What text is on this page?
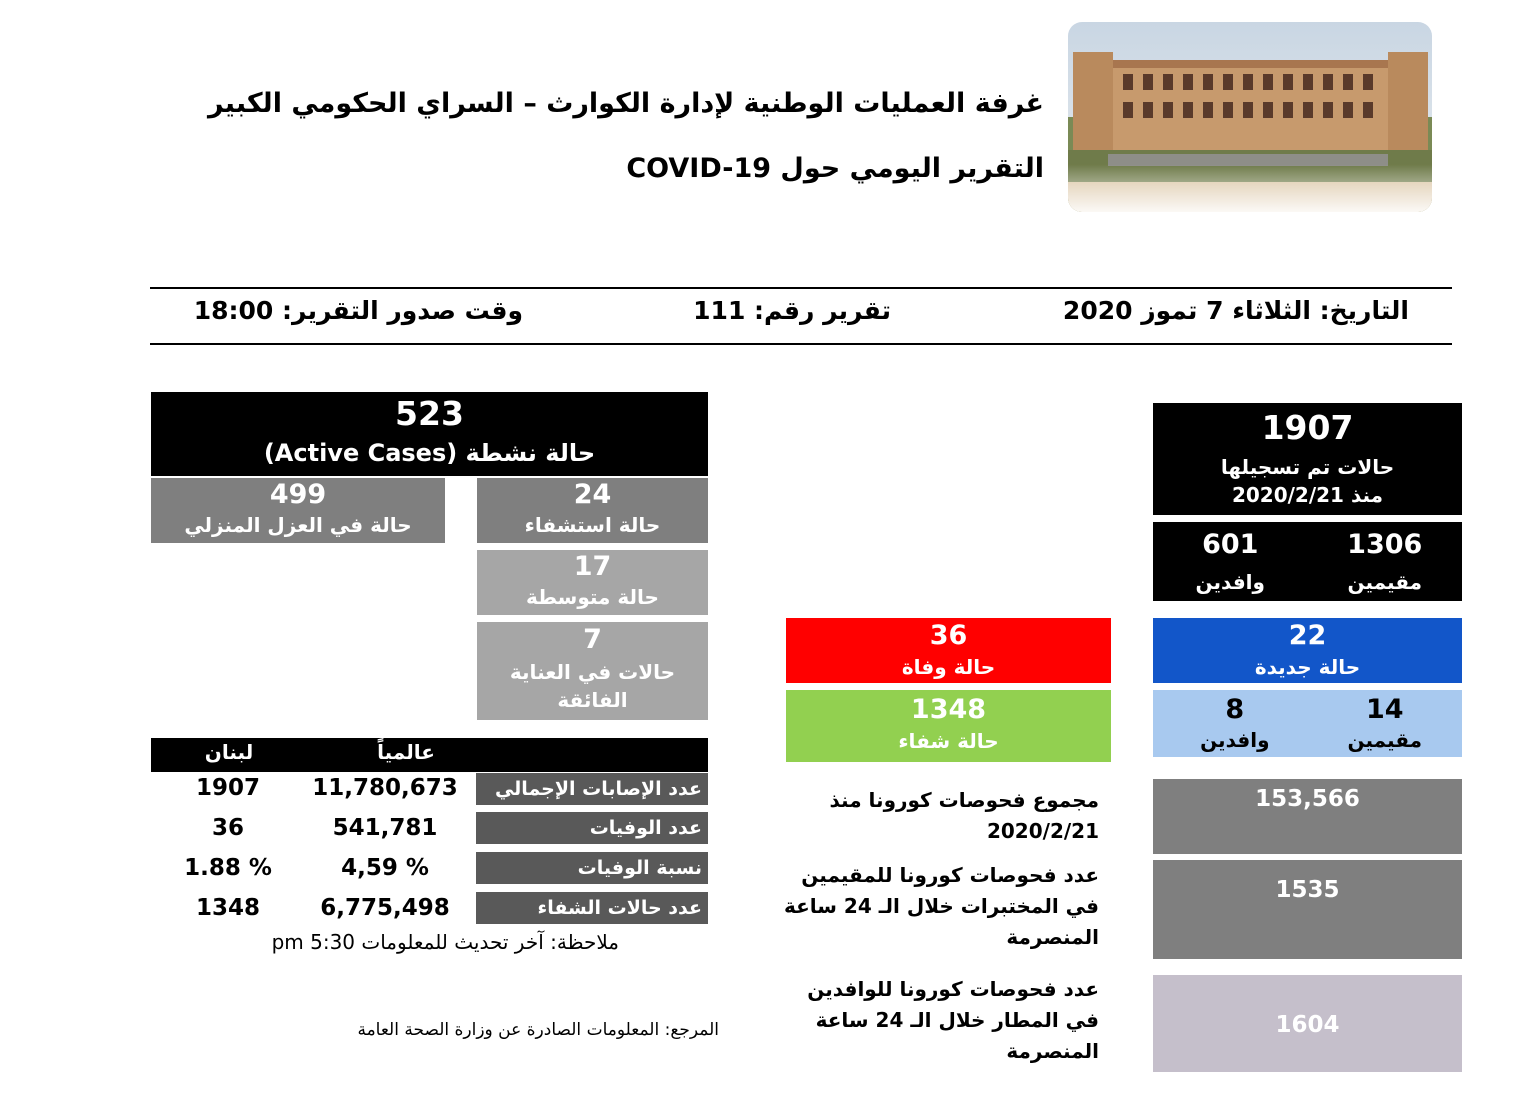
غرفة العمليات الوطنية لإدارة الكوارث – السراي الحكومي الكبير
التقرير اليومي حول COVID-19
التاريخ: الثلاثاء 7 تموز 2020
تقرير رقم: 111
وقت صدور التقرير: 18:00
523
حالة نشطة (Active Cases)
499
حالة في العزل المنزلي
24
حالة استشفاء
17
حالة متوسطة
7
حالات في العناية
الفائقة
1907
حالات تم تسجيلها
منذ 2020/2/21
1306
مقيمين
601
وافدين
36
حالة وفاة
1348
حالة شفاء
22
حالة جديدة
14
مقيمين
8
وافدين
عالمياً
لبنان
عدد الإصابات الإجمالي
11,780,673
1907
عدد الوفيات
541,781
36
نسبة الوفيات
4,59 %
1.88 %
عدد حالات الشفاء
6,775,498
1348
ملاحظة: آخر تحديث للمعلومات 5:30 pm
المرجع: المعلومات الصادرة عن وزارة الصحة العامة
مجموع فحوصات كورونا منذ
2020/2/21
153,566
عدد فحوصات كورونا للمقيمين
في المختبرات خلال الـ 24 ساعة
المنصرمة
1535
عدد فحوصات كورونا للوافدين
في المطار خلال الـ 24 ساعة
المنصرمة
1604
